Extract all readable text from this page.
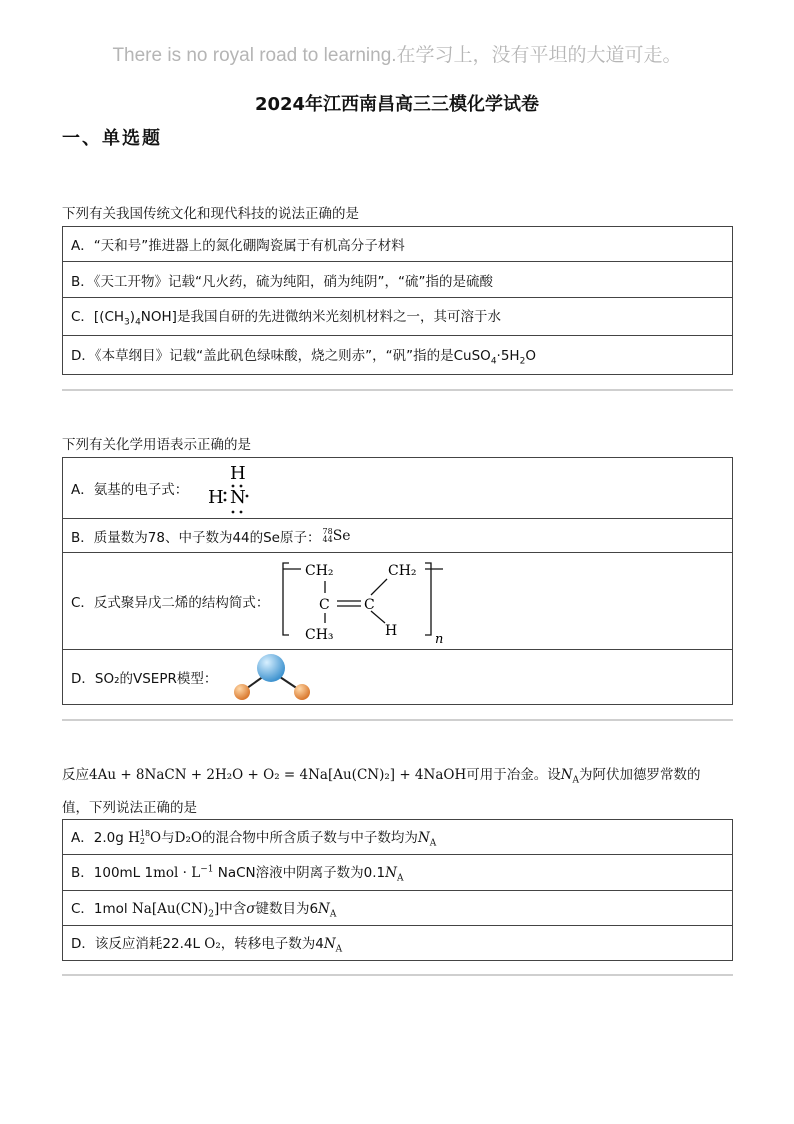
There is no royal road to learning.在学习上，没有平坦的大道可走。
2024年江西南昌高三三模化学试卷
一、单选题
下列有关我国传统文化和现代科技的说法正确的是
A．“天和号”推进器上的氮化硼陶瓷属于有机高分子材料
B．《天工开物》记载“凡火药，硫为纯阳，硝为纯阴”，“硫”指的是硫酸
C．$[(CH_3)_4NOH]$是我国自研的先进微纳米光刻机材料之一，其可溶于水
D．《本草纲目》记载“盖此矾色绿味酸，烧之则赤”，“矾”指的是$CuSO_4\cdot 5H_2O$
下列有关化学用语表示正确的是
A．氨基的电子式：
H
H N
B．质量数为78、中子数为44的Se原子： 78
44 Se
C．反式聚异戊二烯的结构简式：
CH₂	CH₂
C C
CH₃	H
n
D．SO₂的VSEPR模型：
反应4Au + 8NaCN + 2H₂O + O₂ = 4Na[Au(CN)₂] + 4NaOH可用于冶金。设$N_A$为阿伏加德罗常数的
值，下列说法正确的是
A．2.0g H 18
2 O与D₂O的混合物中所含质子数与中子数均为$N_A$
B．100mL $1mol \cdot L^{-1}$ NaCN溶液中阴离子数为$0.1N_A$
C．1mol $Na[Au(CN)_2]$中含σ键数目为$6N_A$
D．该反应消耗22.4L O₂，转移电子数为$4N_A$
